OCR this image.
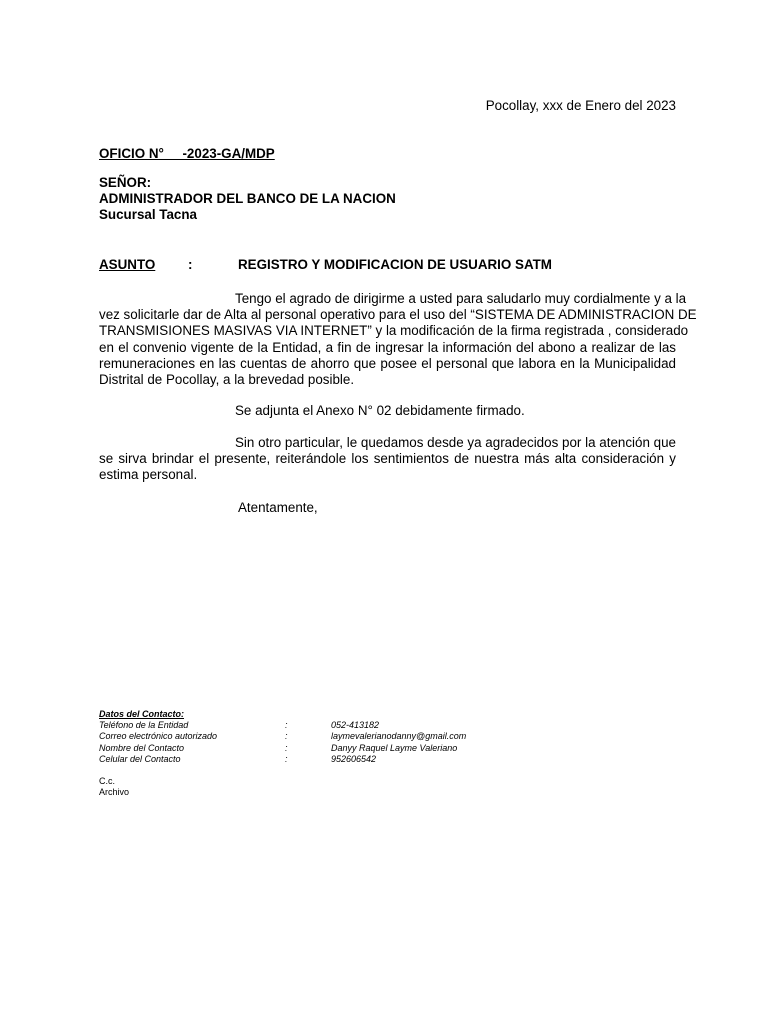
Pocollay, xxx de Enero del 2023
OFICIO N°     -2023-GA/MDP
SEÑOR:
ADMINISTRADOR DEL BANCO DE LA NACION
Sucursal Tacna
ASUNTO :	REGISTRO Y MODIFICACION DE USUARIO SATM
Tengo el agrado de dirigirme a usted para saludarlo muy cordialmente y a la
vez solicitarle dar de Alta al personal operativo para el uso del “SISTEMA DE ADMINISTRACION DE
TRANSMISIONES MASIVAS VIA INTERNET” y la modificación de la firma registrada , considerado
en el convenio vigente de la Entidad, a fin de ingresar la información del abono a realizar de las
remuneraciones en las cuentas de ahorro que posee el personal que labora en la Municipalidad
Distrital de Pocollay, a la brevedad posible.
Se adjunta el Anexo N° 02 debidamente firmado.
Sin otro particular, le quedamos desde ya agradecidos por la atención que
se sirva brindar el presente, reiterándole los sentimientos de nuestra más alta consideración y
estima personal.
Atentamente,
Datos del Contacto:
Teléfono de la Entidad	:	052-413182
Correo electrónico autorizado	:	laymevalerianodanny@gmail.com
Nombre del Contacto	:	Danyy Raquel Layme Valeriano
Celular del Contacto	:	952606542
C.c.
Archivo
